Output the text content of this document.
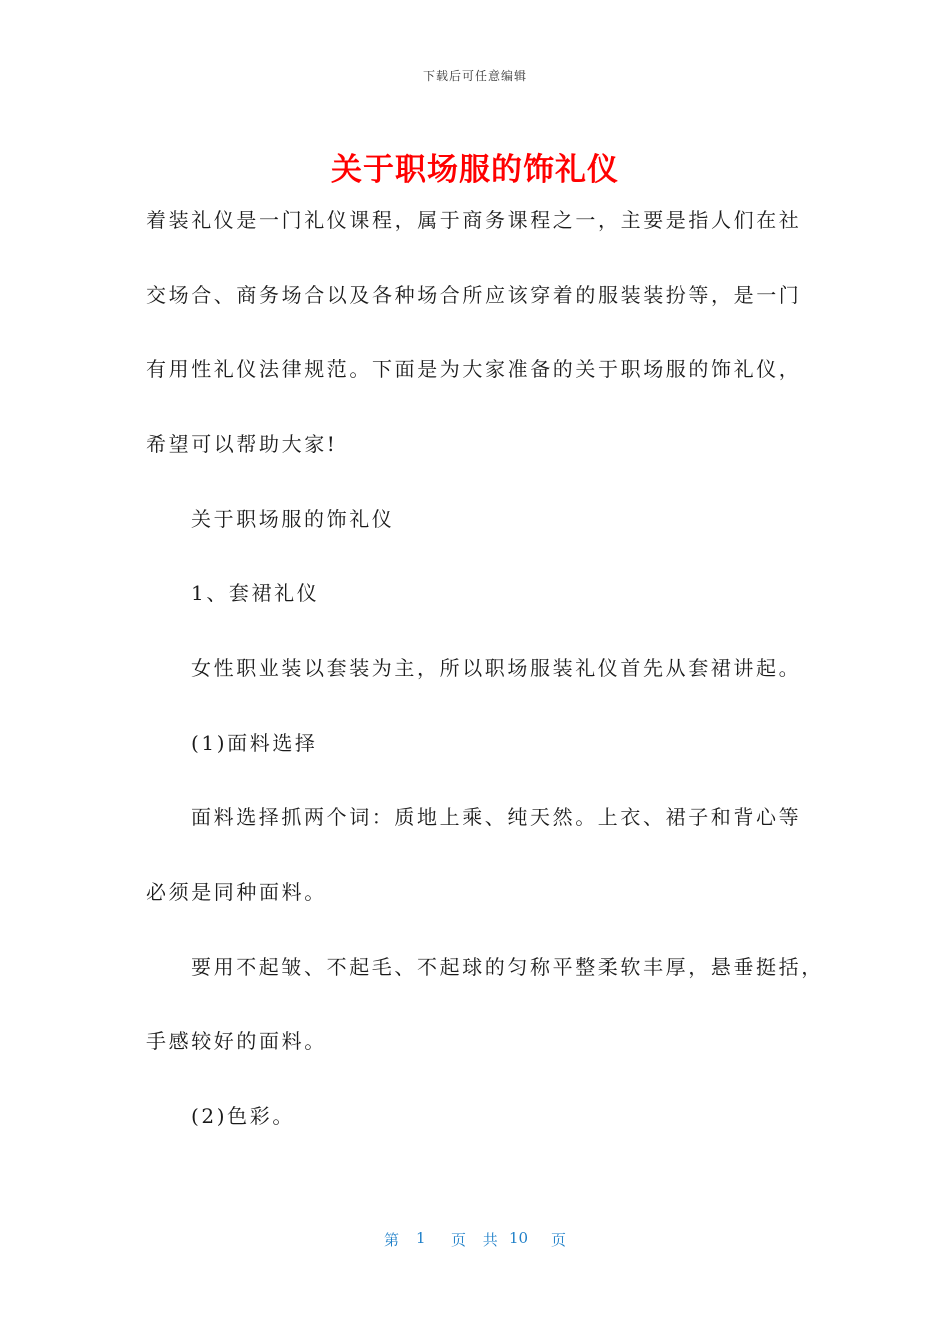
下载后可任意编辑
关于职场服的饰礼仪
着装礼仪是一门礼仪课程，属于商务课程之一，主要是指人们在社
交场合、商务场合以及各种场合所应该穿着的服装装扮等，是一门
有用性礼仪法律规范。下面是为大家准备的关于职场服的饰礼仪，
希望可以帮助大家!
关于职场服的饰礼仪
1、套裙礼仪
女性职业装以套装为主，所以职场服装礼仪首先从套裙讲起。
(1)面料选择
面料选择抓两个词：质地上乘、纯天然。上衣、裙子和背心等
必须是同种面料。
要用不起皱、不起毛、不起球的匀称平整柔软丰厚，悬垂挺括，
手感较好的面料。
(2)色彩。
第 1 页 共 10 页
